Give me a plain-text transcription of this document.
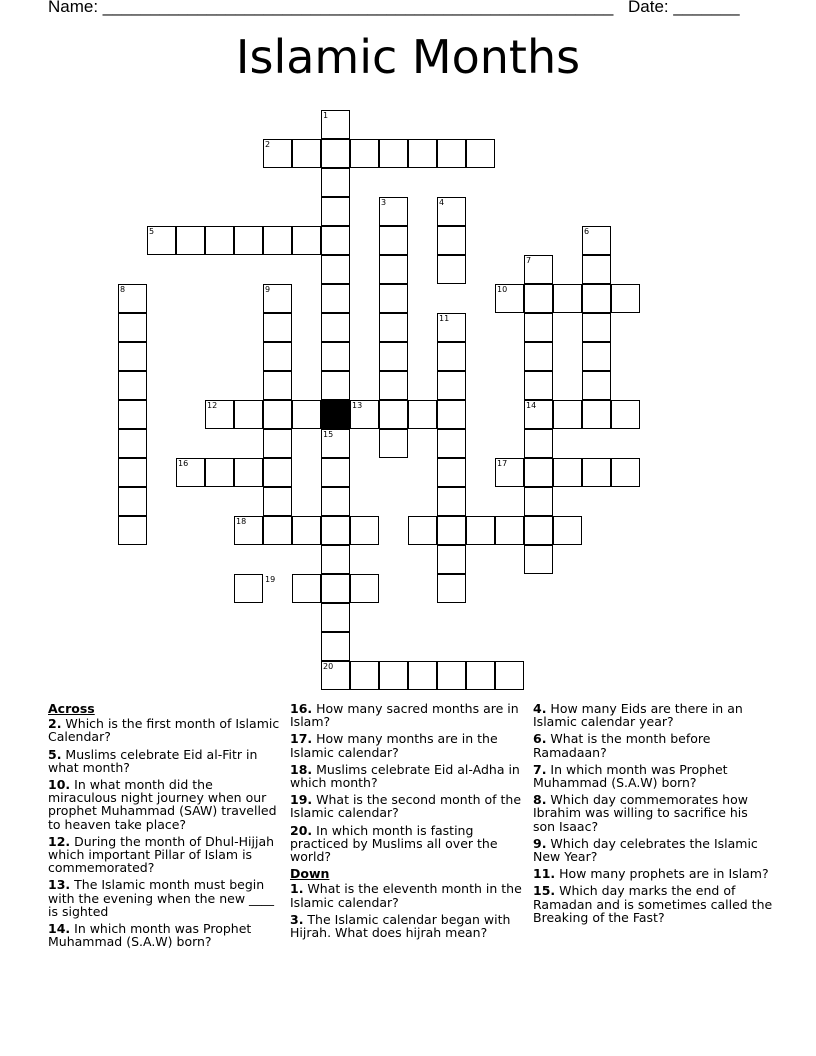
Name: ______________________________________________________ Date: _______
Islamic Months
1
2
3	4
5	6
7
8	9	10
11
12	13	14
15
16	17
18
19
20
Across
2. Which is the first month of Islamic Calendar?
5. Muslims celebrate Eid al-Fitr in what month?
10. In what month did the miraculous night journey when our prophet Muhammad (SAW) travelled to heaven take place?
12. During the month of Dhul-Hijjah which important Pillar of Islam is commemorated?
13. The Islamic month must begin with the evening when the new ____ is sighted
14. In which month was Prophet Muhammad (S.A.W) born?
16. How many sacred months are in Islam?
17. How many months are in the Islamic calendar?
18. Muslims celebrate Eid al-Adha in which month?
19. What is the second month of the Islamic calendar?
20. In which month is fasting practiced by Muslims all over the world?
Down
1. What is the eleventh month in the Islamic calendar?
3. The Islamic calendar began with Hijrah. What does hijrah mean?
4. How many Eids are there in an Islamic calendar year?
6. What is the month before Ramadaan?
7. In which month was Prophet Muhammad (S.A.W) born?
8. Which day commemorates how Ibrahim was willing to sacrifice his son Isaac?
9. Which day celebrates the Islamic New Year?
11. How many prophets are in Islam?
15. Which day marks the end of Ramadan and is sometimes called the Breaking of the Fast?
